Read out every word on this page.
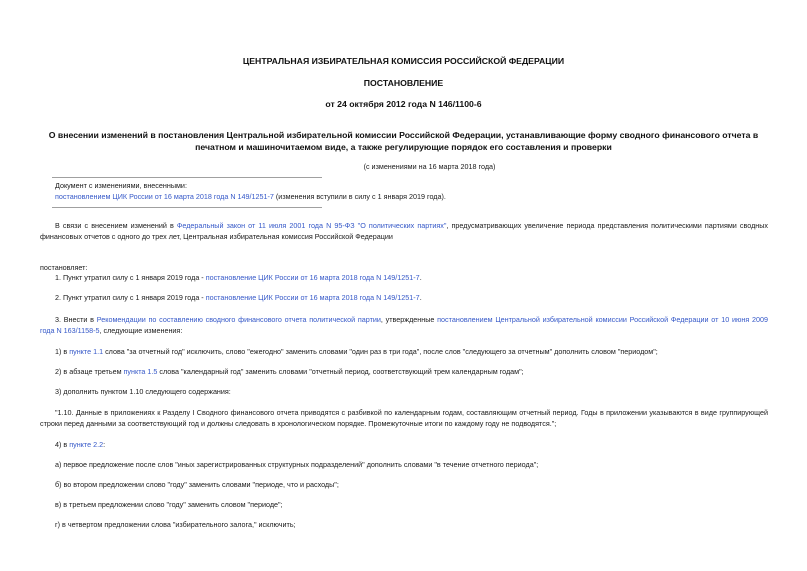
ЦЕНТРАЛЬНАЯ ИЗБИРАТЕЛЬНАЯ КОМИССИЯ РОССИЙСКОЙ ФЕДЕРАЦИИ
ПОСТАНОВЛЕНИЕ
от 24 октября 2012 года N 146/1100-6
О внесении изменений в постановления Центральной избирательной комиссии Российской Федерации, устанавливающие форму сводного финансового отчета в
печатном и машиночитаемом виде, а также регулирующие порядок его составления и проверки
(с изменениями на 16 марта 2018 года)
Документ с изменениями, внесенными:
постановлением ЦИК России от 16 марта 2018 года N 149/1251-7 (изменения вступили в силу с 1 января 2019 года).
В связи с внесением изменений в Федеральный закон от 11 июля 2001 года N 95-ФЗ "О политических партиях", предусматривающих увеличение периода представления политическими партиями сводных финансовых отчетов с одного до трех лет, Центральная избирательная комиссия Российской Федерации
постановляет:
1. Пункт утратил силу с 1 января 2019 года - постановление ЦИК России от 16 марта 2018 года N 149/1251-7.
2. Пункт утратил силу с 1 января 2019 года - постановление ЦИК России от 16 марта 2018 года N 149/1251-7.
3. Внести в Рекомендации по составлению сводного финансового отчета политической партии, утвержденные постановлением Центральной избирательной комиссии Российской Федерации от 10 июня 2009 года N 163/1158-5, следующие изменения:
1) в пункте 1.1 слова "за отчетный год" исключить, слово "ежегодно" заменить словами "один раз в три года", после слов "следующего за отчетным" дополнить словом "периодом";
2) в абзаце третьем пункта 1.5 слова "календарный год" заменить словами "отчетный период, соответствующий трем календарным годам";
3) дополнить пунктом 1.10 следующего содержания:
"1.10. Данные в приложениях к Разделу I Сводного финансового отчета приводятся с разбивкой по календарным годам, составляющим отчетный период. Годы в приложении указываются в виде группирующей строки перед данными за соответствующий год и должны следовать в хронологическом порядке. Промежуточные итоги по каждому году не подводятся.";
4) в пункте 2.2:
а) первое предложение после слов "иных зарегистрированных структурных подразделений" дополнить словами "в течение отчетного периода";
б) во втором предложении слово "году" заменить словами "периоде, что и расходы";
в) в третьем предложении слово "году" заменить словом "периоде";
г) в четвертом предложении слова "избирательного залога," исключить;
